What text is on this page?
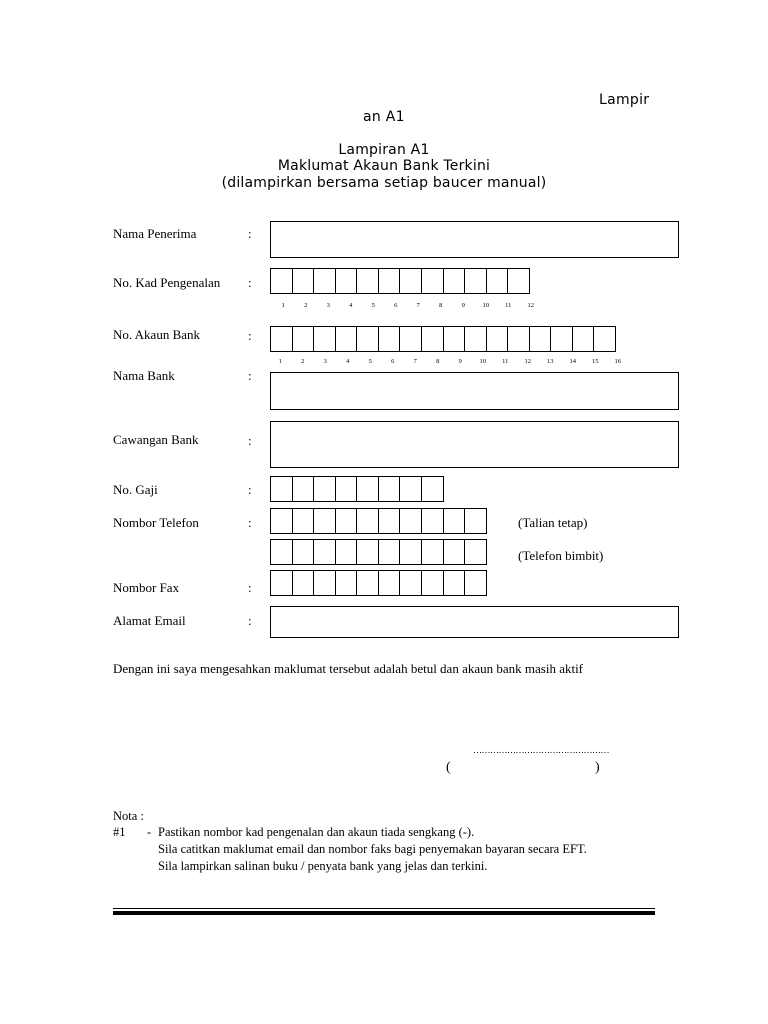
Lampir
an A1
Lampiran A1
Maklumat Akaun Bank Terkini
(dilampirkan bersama setiap baucer manual)
Nama Penerima	:
No. Kad Pengenalan :
1	2	3	4	5	6	7	8	9	10	11	12
No. Akaun Bank	:
1	2	3	4	5	6	7	8	9	10	11	12	13	14	15	16
Nama Bank	:
Cawangan Bank	:
No. Gaji	:
Nombor Telefon	:	(Talian tetap)
(Telefon bimbit)
Nombor Fax	:
Alamat Email	:
Dengan ini saya mengesahkan maklumat tersebut adalah betul dan akaun bank masih aktif
…………………………………………
(	)
Nota :
#1 - Pastikan nombor kad pengenalan dan akaun tiada sengkang (-).
Sila catitkan maklumat email dan nombor faks bagi penyemakan bayaran secara EFT.
Sila lampirkan salinan buku / penyata bank yang jelas dan terkini.
